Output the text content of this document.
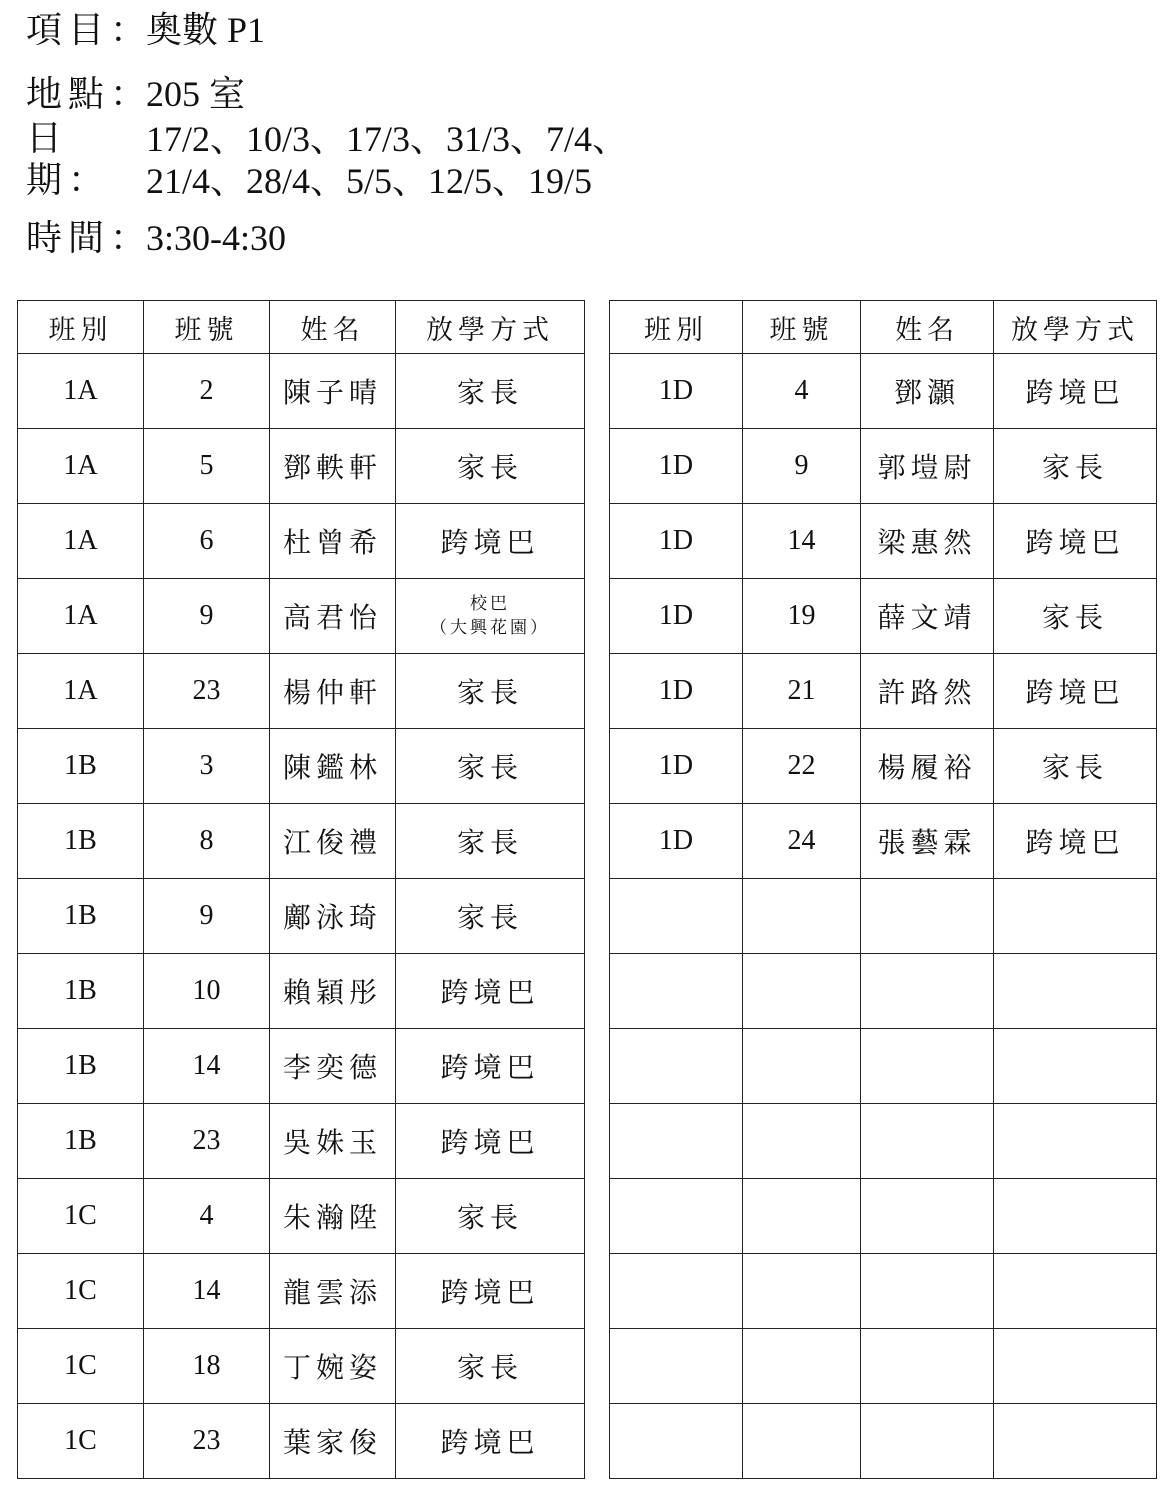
項目：奧數 P1
地點：205 室
日期：17/2、10/3、17/3、31/3、7/4、
21/4、28/4、5/5、12/5、19/5
時間：3:30-4:30
班別	班號	姓名	放學方式
1A	2	陳子晴	家長
1A	5	鄧軼軒	家長
1A	6	杜曾希	跨境巴
1A	9	高君怡	校巴
（大興花園）

1A	23	楊仲軒	家長
1B	3	陳鑑林	家長
1B	8	江俊禮	家長
1B	9	鄺泳琦	家長
1B	10	賴穎彤	跨境巴
1B	14	李奕德	跨境巴
1B	23	吳姝玉	跨境巴
1C	4	朱瀚陞	家長
1C	14	龍雲添	跨境巴
1C	18	丁婉姿	家長
1C	23	葉家俊	跨境巴
班別	班號	姓名	放學方式
1D	4	鄧灝	跨境巴
1D	9	郭塏尉	家長
1D	14	梁惠然	跨境巴
1D	19	薛文靖	家長
1D	21	許路然	跨境巴
1D	22	楊履裕	家長
1D	24	張藝霖	跨境巴
